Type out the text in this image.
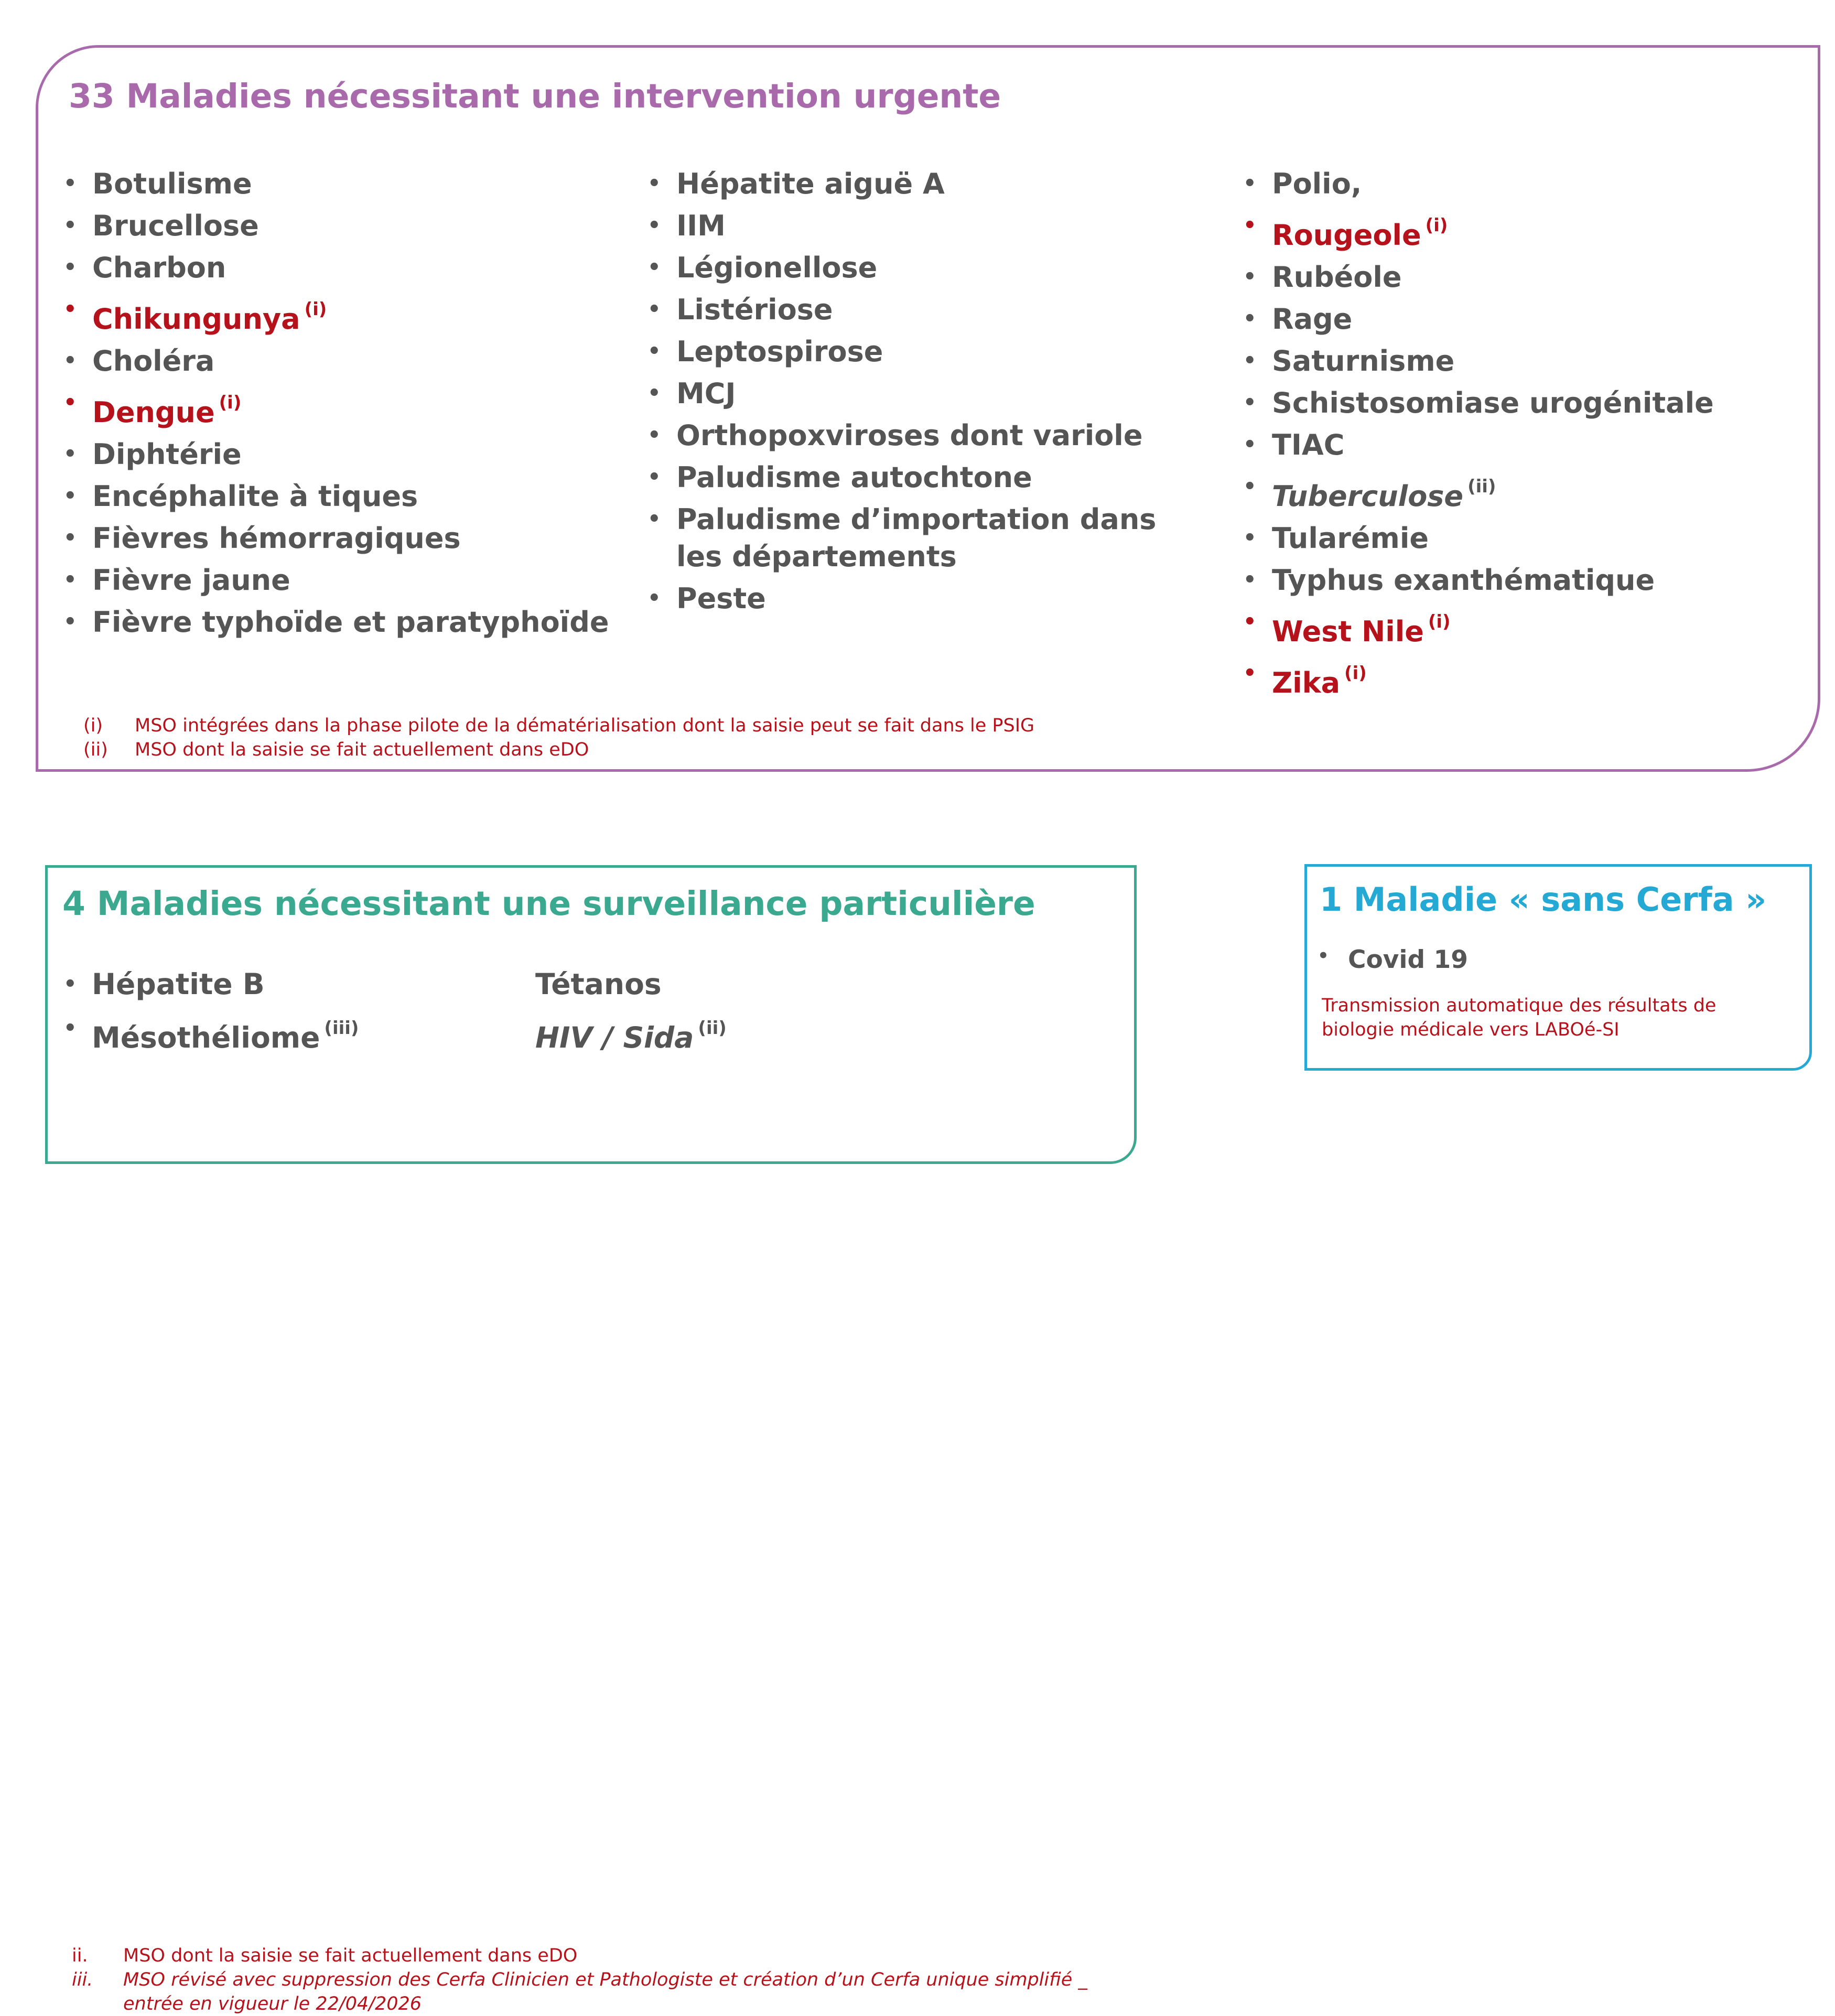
33 Maladies nécessitant une intervention urgente
• Botulisme
• Brucellose
• Charbon
• Chikungunya $^{(i)}$
• Choléra
• Dengue $^{(i)}$
• Diphtérie
• Encéphalite à tiques
• Fièvres hémorragiques
• Fièvre jaune
• Fièvre typhoïde et paratyphoïde
• Hépatite aiguë A
• IIM
• Légionellose
• Listériose
• Leptospirose
• MCJ
• Orthopoxviroses dont variole
• Paludisme autochtone
• Paludisme d’importation dans les départements
• Peste
• Polio,
• Rougeole $^{(i)}$
• Rubéole
• Rage
• Saturnisme
• Schistosomiase urogénitale
• TIAC
• Tuberculose $^{(ii)}$
• Tularémie
• Typhus exanthématique
• West Nile $^{(i)}$
• Zika $^{(i)}$
(i) MSO intégrées dans la phase pilote de la dématérialisation dont la saisie peut se fait dans le PSIG
(ii) MSO dont la saisie se fait actuellement dans eDO
4 Maladies nécessitant une surveillance particulière
• Hépatite B
• Mésothéliome $^{(iii)}$
Tétanos
HIV / Sida $^{(ii)}$
ii. MSO dont la saisie se fait actuellement dans eDO
iii. MSO révisé avec suppression des Cerfa Clinicien et Pathologiste et création d’un Cerfa unique simplifié _ entrée en vigueur le 22/04/2026
1 Maladie « sans Cerfa »
• Covid 19

Transmission automatique des résultats de biologie médicale vers LABOé-SI
